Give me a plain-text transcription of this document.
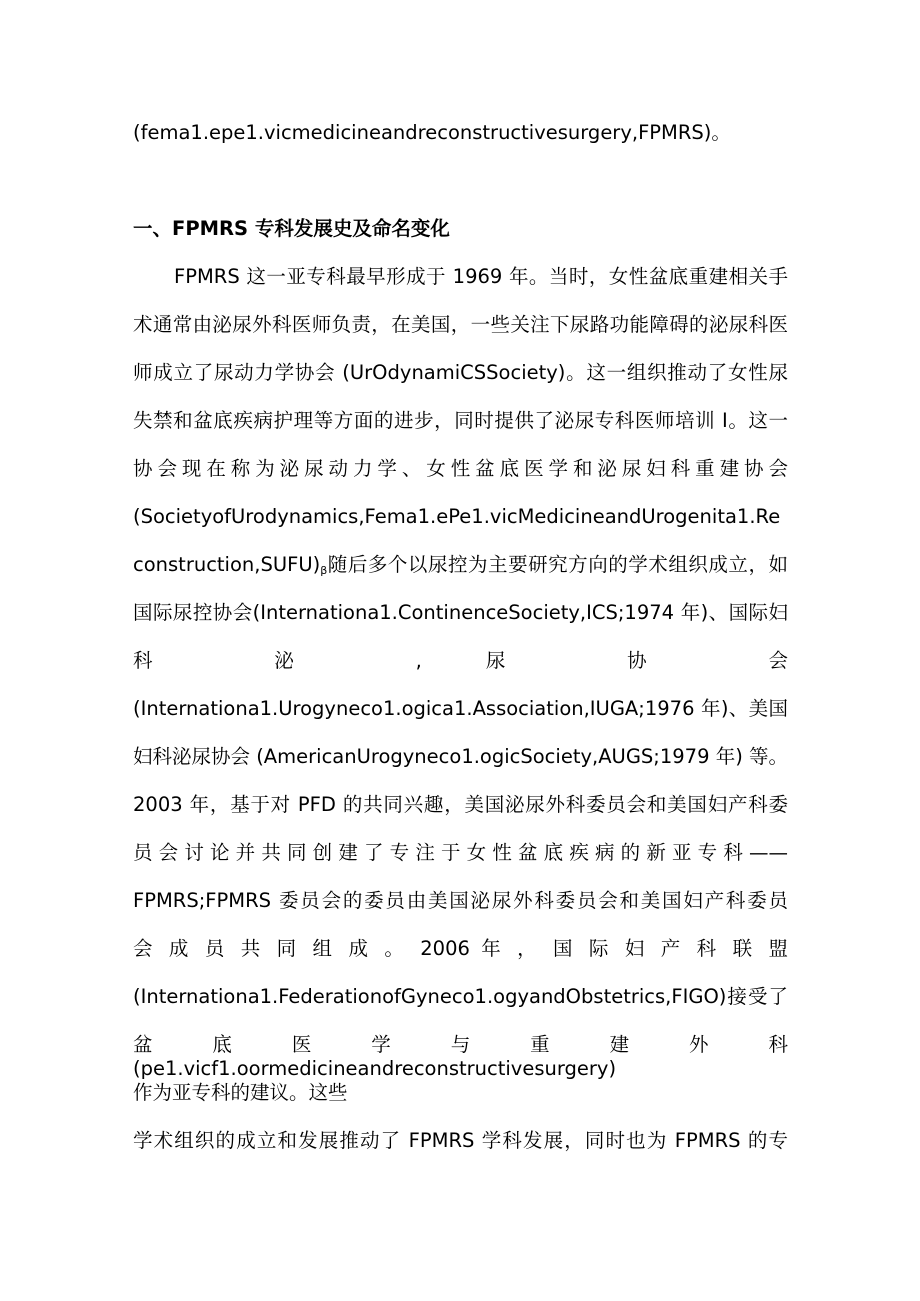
(fema1.epe1.vicmedicineandreconstructivesurgery,FPMRS)。
一、FPMRS 专科发展史及命名变化
FPMRS 这一亚专科最早形成于 1969 年。当时，女性盆底重建相关手
术通常由泌尿外科医师负责，在美国，一些关注下尿路功能障碍的泌尿科医
师成立了尿动力学协会 (UrOdynamiCSSociety)。这一组织推动了女性尿
失禁和盆底疾病护理等方面的进步，同时提供了泌尿专科医师培训 I。这一
协会现在称为泌尿动力学、女性盆底医学和泌尿妇科重建协会
(SocietyofUrodynamics,Fema1.ePe1.vicMedicineandUrogenita1.Re
$construction,SUFU)_\beta$随后多个以尿控为主要研究方向的学术组织成立，如
国际尿控协会(Internationa1.ContinenceSociety,ICS;1974 年)、国际妇
科 泌 , 尿 协 会
(Internationa1.Urogyneco1.ogica1.Association,IUGA;1976 年)、美国
妇科泌尿协会 (AmericanUrogyneco1.ogicSociety,AUGS;1979 年) 等。
2003 年，基于对 PFD 的共同兴趣，美国泌尿外科委员会和美国妇产科委
员会讨论并共同创建了专注于女性盆底疾病的新亚专科——
FPMRS;FPMRS 委员会的委员由美国泌尿外科委员会和美国妇产科委员
会 成 员 共 同 组 成 。 2006 年 ， 国 际 妇 产 科 联 盟
(Internationa1.FederationofGyneco1.ogyandObstetrics,FIGO)接受了
盆底医学与重建外科 (pe1.vicf1.oormedicineandreconstructivesurgery)
作为亚专科的建议。这些
学术组织的成立和发展推动了 FPMRS 学科发展，同时也为 FPMRS 的专
